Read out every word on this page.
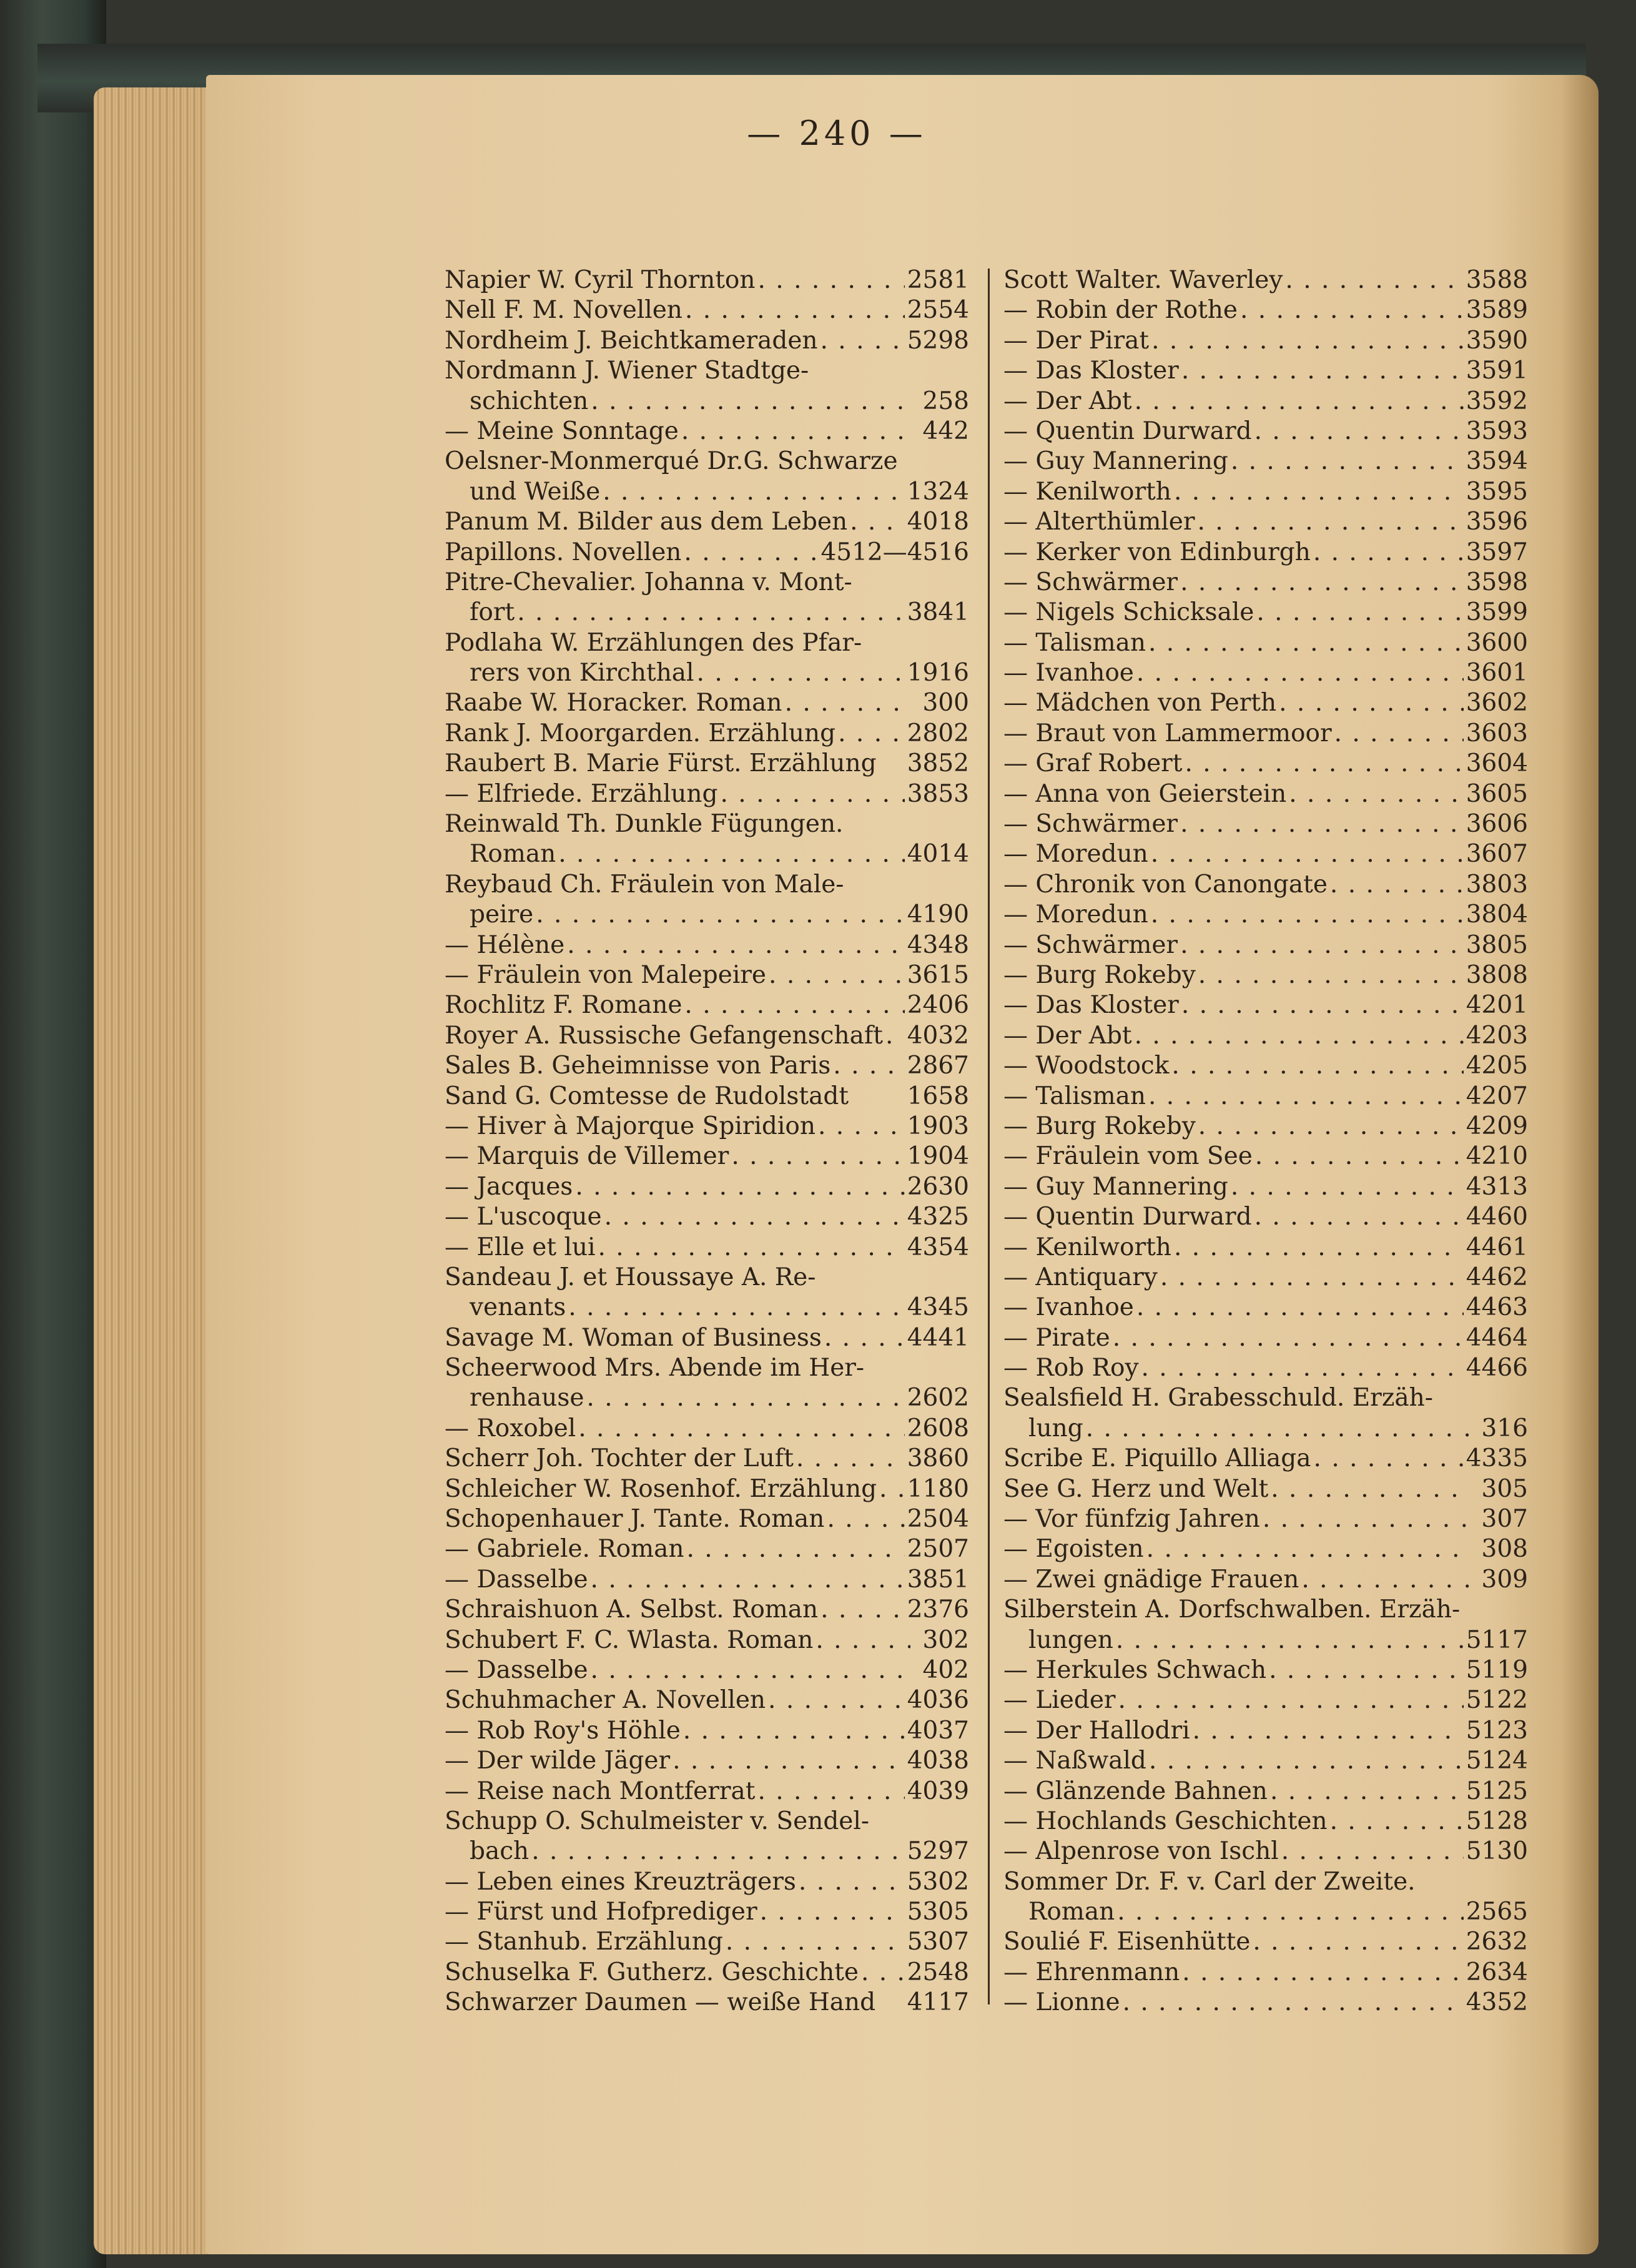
— 240 —
Napier W. Cyril Thornton . . .	2581
Nell F. M. Novellen . . .	2554
Nordheim J. Beichtkameraden . . .	5298
Nordmann J. Wiener Stadtge-
schichten . . .	258
— Meine Sonntage . . .	442
Oelsner-Monmerqué Dr.G. Schwarze
und Weiße . . .	1324
Panum M. Bilder aus dem Leben . . . 4018
Papillons. Novellen . . .	4512—4516
Pitre-Chevalier. Johanna v. Mont-
fort . . .	3841
Podlaha W. Erzählungen des Pfar-
rers von Kirchthal . . .	1916
Raabe W. Horacker. Roman . . .	300
Rank J. Moorgarden. Erzählung . . .	2802
Raubert B. Marie Fürst. Erzählung 3852
— Elfriede. Erzählung . . .	3853
Reinwald Th. Dunkle Fügungen.
Roman . . .	4014
Reybaud Ch. Fräulein von Male-
peire . . .	4190
— Hélène . . .	4348
— Fräulein von Malepeire . . .	3615
Rochlitz F. Romane . . .	2406
Royer A. Russische Gefangenschaft . . . 4032
Sales B. Geheimnisse von Paris . . .	2867
Sand G. Comtesse de Rudolstadt 1658
— Hiver à Majorque Spiridion . . .	1903
— Marquis de Villemer . . .	1904
— Jacques . . .	2630
— L'uscoque . . .	4325
— Elle et lui . . .	4354
Sandeau J. et Houssaye A. Re-
venants . . .	4345
Savage M. Woman of Business . . .	4441
Scheerwood Mrs. Abende im Her-
renhause . . .	2602
— Roxobel . . .	2608
Scherr Joh. Tochter der Luft . . .	3860
Schleicher W. Rosenhof. Erzählung . . . 1180
Schopenhauer J. Tante. Roman . . .	2504
— Gabriele. Roman . . .	2507
— Dasselbe . . .	3851
Schraishuon A. Selbst. Roman . . .	2376
Schubert F. C. Wlasta. Roman . . .	302
— Dasselbe . . .	402
Schuhmacher A. Novellen . . .	4036
— Rob Roy's Höhle . . .	4037
— Der wilde Jäger . . .	4038
— Reise nach Montferrat . . .	4039
Schupp O. Schulmeister v. Sendel-
bach . . .	5297
— Leben eines Kreuzträgers . . .	5302
— Fürst und Hofprediger . . .	5305
— Stanhub. Erzählung . . .	5307
Schuselka F. Gutherz. Geschichte . . . 2548
Schwarzer Daumen — weiße Hand 4117
Scott Walter. Waverley . . .	3588
— Robin der Rothe . . .	3589
— Der Pirat . . .	3590
— Das Kloster . . .	3591
— Der Abt . . .	3592
— Quentin Durward . . .	3593
— Guy Mannering . . .	3594
— Kenilworth . . .	3595
— Alterthümler . . .	3596
— Kerker von Edinburgh . . .	3597
— Schwärmer . . .	3598
— Nigels Schicksale . . .	3599
— Talisman . . .	3600
— Ivanhoe . . .	3601
— Mädchen von Perth . . .	3602
— Braut von Lammermoor . . .	3603
— Graf Robert . . .	3604
— Anna von Geierstein . . .	3605
— Schwärmer . . .	3606
— Moredun . . .	3607
— Chronik von Canongate . . .	3803
— Moredun . . .	3804
— Schwärmer . . .	3805
— Burg Rokeby . . .	3808
— Das Kloster . . .	4201
— Der Abt . . .	4203
— Woodstock . . .	4205
— Talisman . . .	4207
— Burg Rokeby . . .	4209
— Fräulein vom See . . .	4210
— Guy Mannering . . .	4313
— Quentin Durward . . .	4460
— Kenilworth . . .	4461
— Antiquary . . .	4462
— Ivanhoe . . .	4463
— Pirate . . .	4464
— Rob Roy . . .	4466
Sealsfield H. Grabesschuld. Erzäh-
lung . . .	316
Scribe E. Piquillo Alliaga . . .	4335
See G. Herz und Welt . . .	305
— Vor fünfzig Jahren . . .	307
— Egoisten . . .	308
— Zwei gnädige Frauen . . .	309
Silberstein A. Dorfschwalben. Erzäh-
lungen . . .	5117
— Herkules Schwach . . .	5119
— Lieder . . .	5122
— Der Hallodri . . .	5123
— Naßwald . . .	5124
— Glänzende Bahnen . . .	5125
— Hochlands Geschichten . . .	5128
— Alpenrose von Ischl . . .	5130
Sommer Dr. F. v. Carl der Zweite.
Roman . . .	2565
Soulié F. Eisenhütte . . .	2632
— Ehrenmann . . .	2634
— Lionne . . .	4352
